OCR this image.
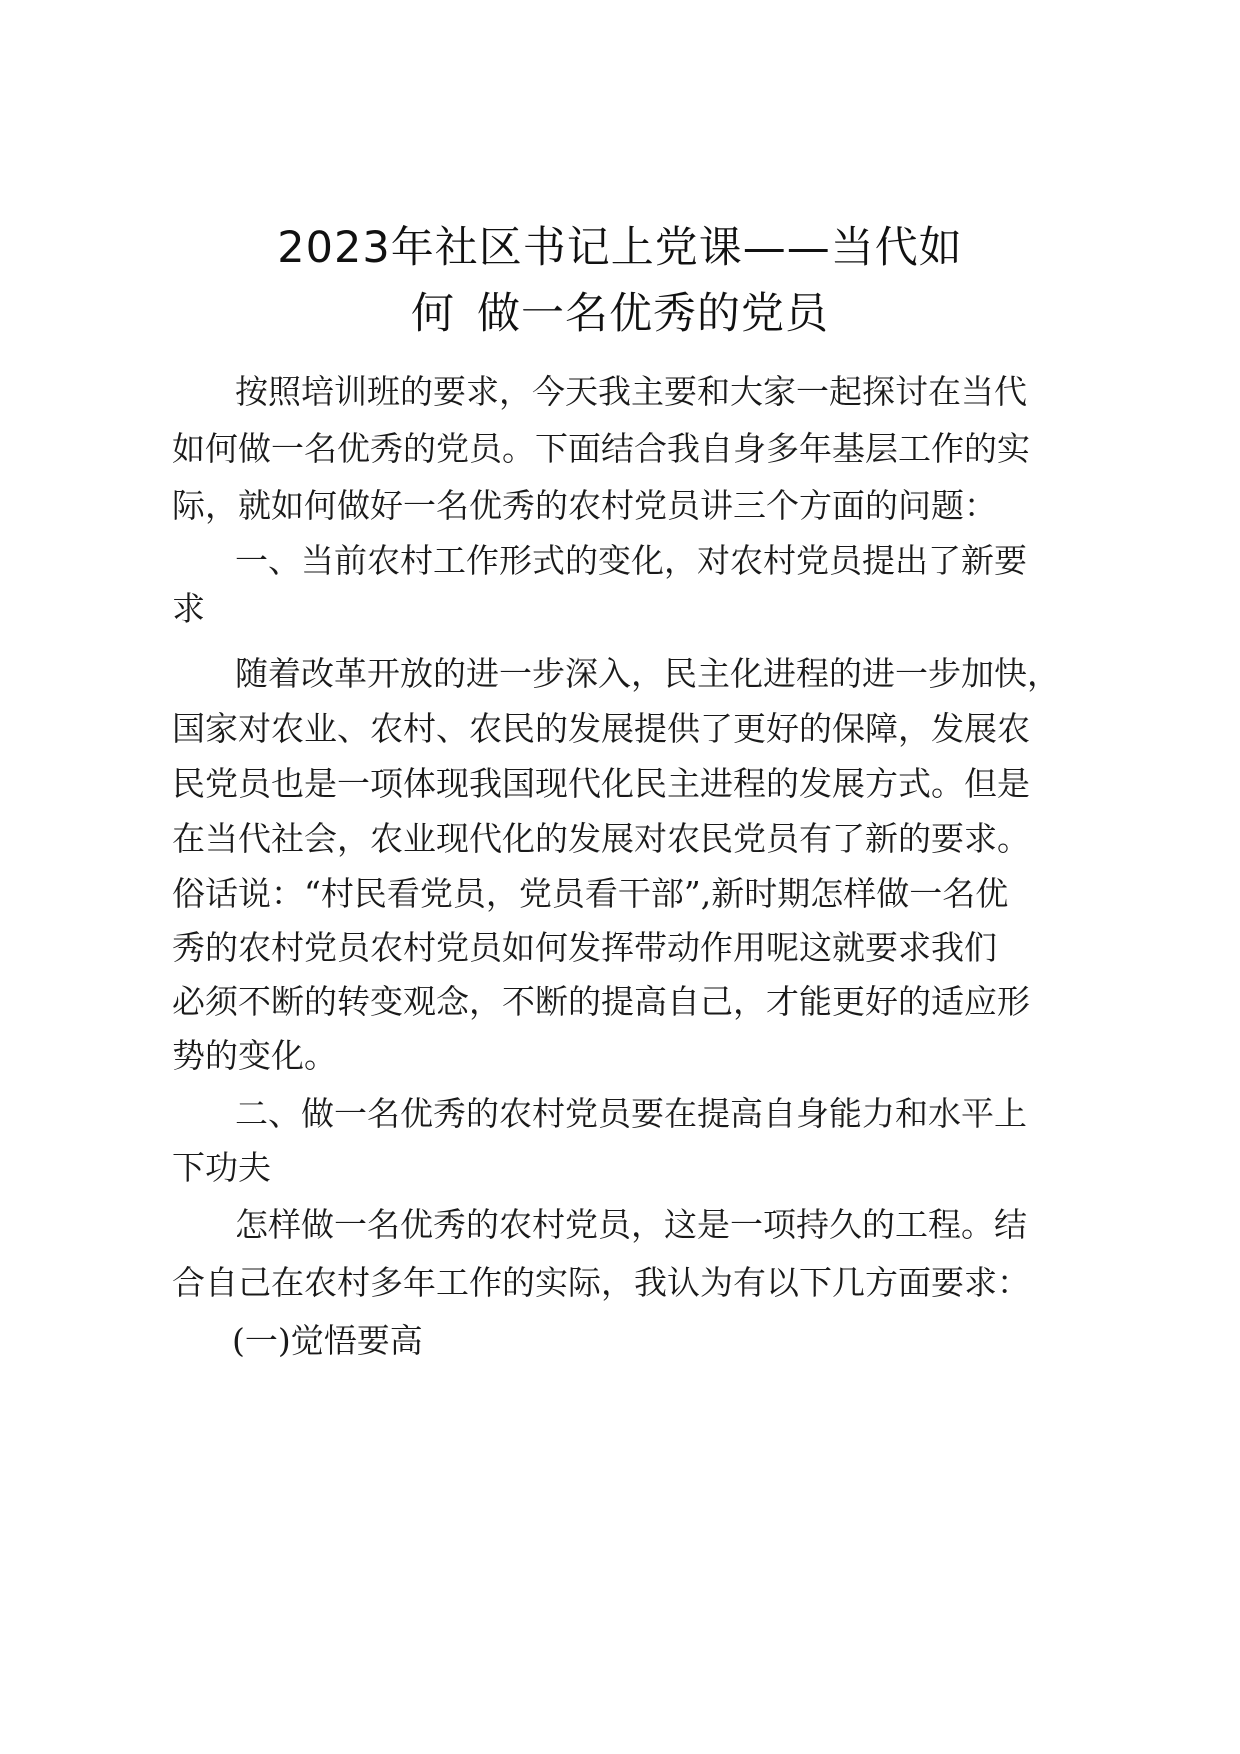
2023年社区书记上党课——当代如
何 做一名优秀的党员
按照培训班的要求，今天我主要和大家一起探讨在当代
如何做一名优秀的党员。下面结合我自身多年基层工作的实
际，就如何做好一名优秀的农村党员讲三个方面的问题：
一、当前农村工作形式的变化，对农村党员提出了新要
求
随着改革开放的进一步深入，民主化进程的进一步加快，
国家对农业、农村、农民的发展提供了更好的保障，发展农
民党员也是一项体现我国现代化民主进程的发展方式。但是
在当代社会，农业现代化的发展对农民党员有了新的要求。
俗话说：“村民看党员，党员看干部”,新时期怎样做一名优
秀的农村党员农村党员如何发挥带动作用呢这就要求我们
必须不断的转变观念，不断的提高自己，才能更好的适应形
势的变化。
二、做一名优秀的农村党员要在提高自身能力和水平上
下功夫
怎样做一名优秀的农村党员，这是一项持久的工程。结
合自己在农村多年工作的实际，我认为有以下几方面要求：
(一)觉悟要高
